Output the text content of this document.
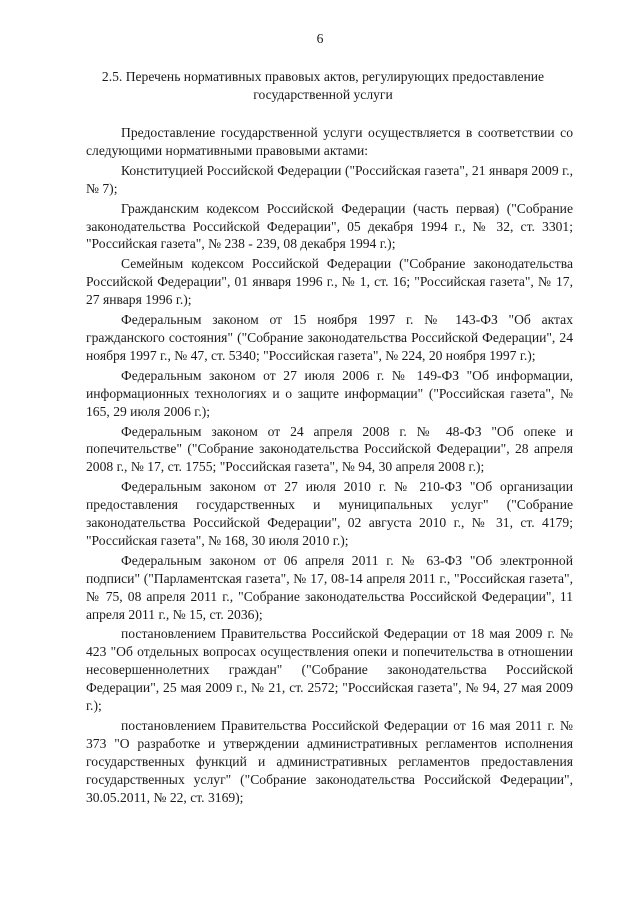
6
2.5. Перечень нормативных правовых актов, регулирующих предоставление государственной услуги

Предоставление государственной услуги осуществляется в соответствии со следующими нормативными правовыми актами:

Конституцией Российской Федерации ("Российская газета", 21 января 2009 г., № 7);

Гражданским кодексом Российской Федерации (часть первая) ("Собрание законодательства Российской Федерации", 05 декабря 1994 г., № 32, ст. 3301; "Российская газета", № 238 - 239, 08 декабря 1994 г.);

Семейным кодексом Российской Федерации ("Собрание законодательства Российской Федерации", 01 января 1996 г., № 1, ст. 16; "Российская газета", № 17, 27 января 1996 г.);

Федеральным законом от 15 ноября 1997 г. № 143-ФЗ "Об актах гражданского состояния" ("Собрание законодательства Российской Федерации", 24 ноября 1997 г., № 47, ст. 5340; "Российская газета", № 224, 20 ноября 1997 г.);

Федеральным законом от 27 июля 2006 г. № 149-ФЗ "Об информации, информационных технологиях и о защите информации" ("Российская газета", № 165, 29 июля 2006 г.);

Федеральным законом от 24 апреля 2008 г. № 48-ФЗ "Об опеке и попечительстве" ("Собрание законодательства Российской Федерации", 28 апреля 2008 г., № 17, ст. 1755; "Российская газета", № 94, 30 апреля 2008 г.);

Федеральным законом от 27 июля 2010 г. № 210-ФЗ "Об организации предоставления государственных и муниципальных услуг" ("Собрание законодательства Российской Федерации", 02 августа 2010 г., № 31, ст. 4179; "Российская газета", № 168, 30 июля 2010 г.);

Федеральным законом от 06 апреля 2011 г. № 63-ФЗ "Об электронной подписи" ("Парламентская газета", № 17, 08-14 апреля 2011 г., "Российская газета", № 75, 08 апреля 2011 г., "Собрание законодательства Российской Федерации", 11 апреля 2011 г., № 15, ст. 2036);

постановлением Правительства Российской Федерации от 18 мая 2009 г. № 423 "Об отдельных вопросах осуществления опеки и попечительства в отношении несовершеннолетних граждан" ("Собрание законодательства Российской Федерации", 25 мая 2009 г., № 21, ст. 2572; "Российская газета", № 94, 27 мая 2009 г.);

постановлением Правительства Российской Федерации от 16 мая 2011 г. № 373 "О разработке и утверждении административных регламентов исполнения государственных функций и административных регламентов предоставления государственных услуг" ("Собрание законодательства Российской Федерации", 30.05.2011, № 22, ст. 3169);
